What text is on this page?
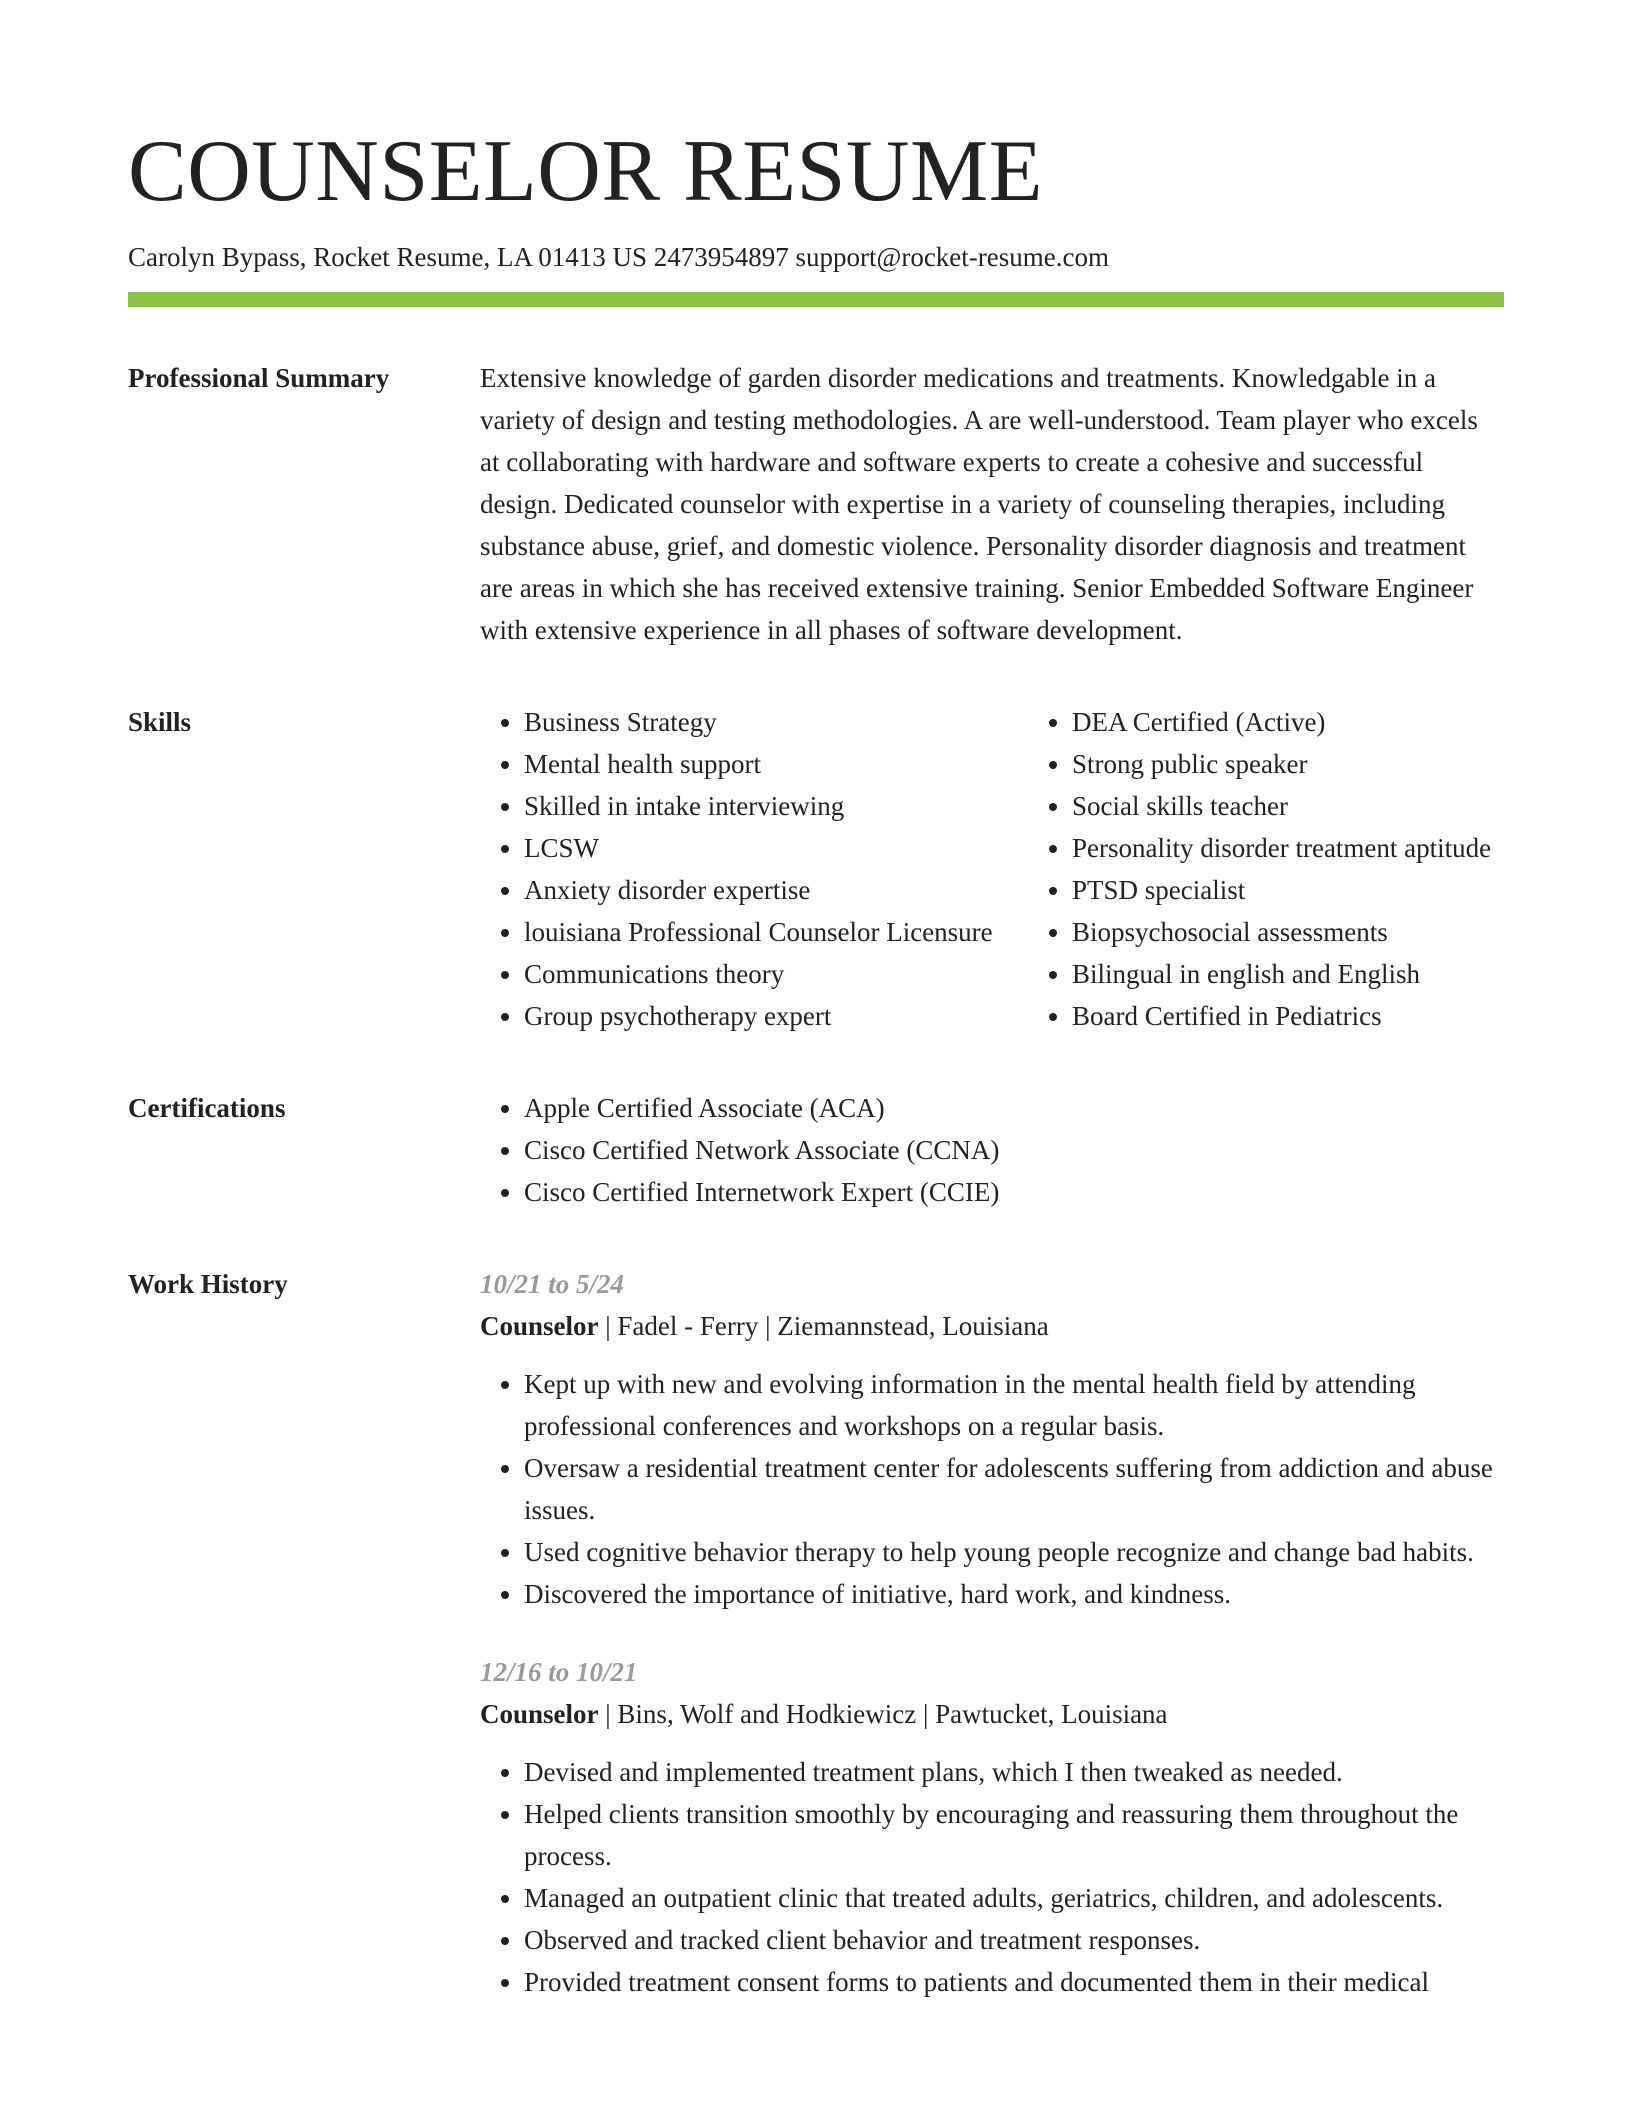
COUNSELOR RESUME
Carolyn Bypass, Rocket Resume, LA 01413 US 2473954897 support@rocket-resume.com
Professional Summary	Extensive knowledge of garden disorder medications and treatments. Knowledgable in a variety of design and testing methodologies. A are well-understood. Team player who excels at collaborating with hardware and software experts to create a cohesive and successful design. Dedicated counselor with expertise in a variety of counseling therapies, including substance abuse, grief, and domestic violence. Personality disorder diagnosis and treatment are areas in which she has received extensive training. Senior Embedded Software Engineer with extensive experience in all phases of software development.

Skills	• Business Strategy
• Mental health support
• Skilled in intake interviewing
• LCSW
• Anxiety disorder expertise
• louisiana Professional Counselor Licensure
• Communications theory
• Group psychotherapy expert
• DEA Certified (Active)
• Strong public speaker
• Social skills teacher
• Personality disorder treatment aptitude
• PTSD specialist
• Biopsychosocial assessments
• Bilingual in english and English
• Board Certified in Pediatrics
Certifications	• Apple Certified Associate (ACA)
• Cisco Certified Network Associate (CCNA)
• Cisco Certified Internetwork Expert (CCIE)
Work History	10/21 to 5/24
Counselor | Fadel - Ferry | Ziemannstead, Louisiana
• Kept up with new and evolving information in the mental health field by attending professional conferences and workshops on a regular basis.
• Oversaw a residential treatment center for adolescents suffering from addiction and abuse issues.
• Used cognitive behavior therapy to help young people recognize and change bad habits.
• Discovered the importance of initiative, hard work, and kindness.
12/16 to 10/21
Counselor | Bins, Wolf and Hodkiewicz | Pawtucket, Louisiana
• Devised and implemented treatment plans, which I then tweaked as needed.
• Helped clients transition smoothly by encouraging and reassuring them throughout the process.
• Managed an outpatient clinic that treated adults, geriatrics, children, and adolescents.
• Observed and tracked client behavior and treatment responses.
• Provided treatment consent forms to patients and documented them in their medical
